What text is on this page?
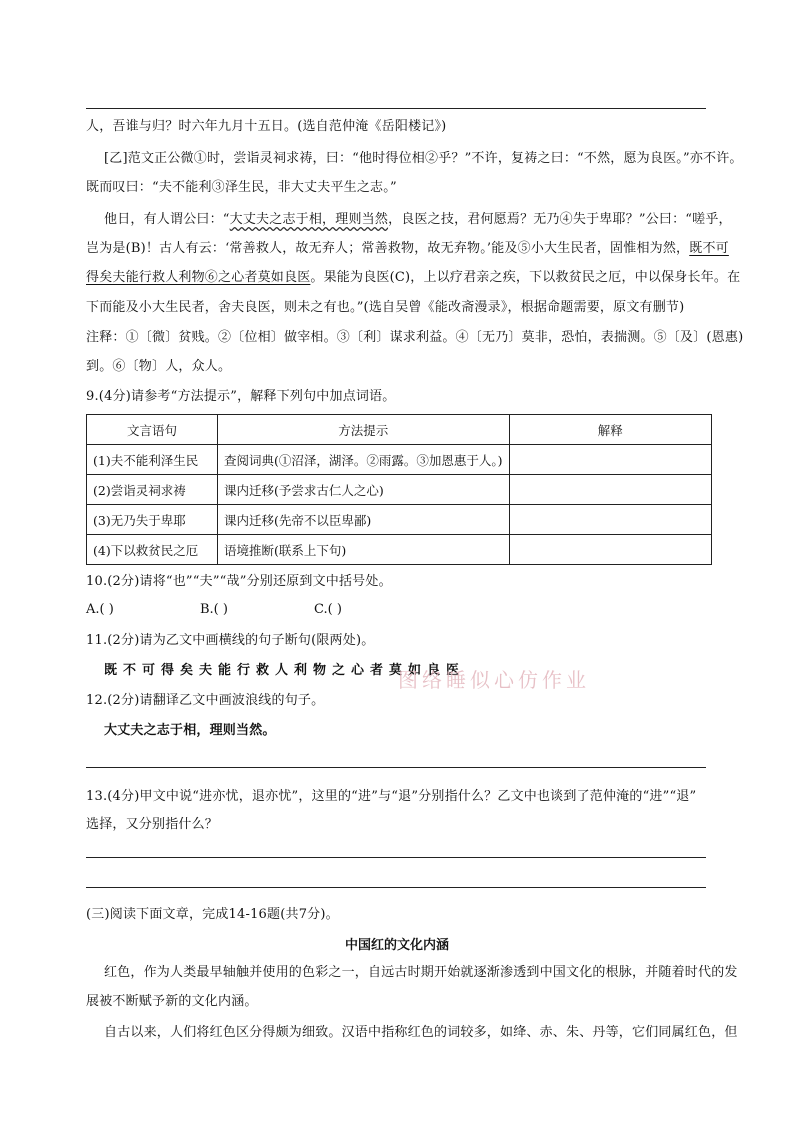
人，吾谁与归？时六年九月十五日。(选自范仲淹《岳阳楼记》)
[乙]范文正公微①时，尝诣灵祠求祷，曰：“他时得位相②乎？”不许，复祷之曰：“不然，愿为良医。”亦不许。
既而叹曰：“夫不能利③泽生民，非大丈夫平生之志。”
他日，有人谓公曰：“大丈夫之志于相，理则当然，良医之技，君何愿焉？无乃④失于卑耶？”公曰：“嗟乎，
岂为是(B)！古人有云：‘常善救人，故无弃人；常善救物，故无弃物。’能及⑤小大生民者，固惟相为然，既不可
得矣夫能行救人利物⑥之心者莫如良医。果能为良医(C)，上以疗君亲之疾，下以救贫民之厄，中以保身长年。在
下而能及小大生民者，舍夫良医，则未之有也。”(选自吴曾《能改斋漫录》，根据命题需要，原文有删节)
注释：①〔微〕贫贱。②〔位相〕做宰相。③〔利〕谋求利益。④〔无乃〕莫非，恐怕，表揣测。⑤〔及〕(恩惠)
到。⑥〔物〕人，众人。
9.(4分)请参考“方法提示”，解释下列句中加点词语。
文言语句	方法提示	解释
(1)夫不能利泽生民	查阅词典(①沼泽，湖泽。②雨露。③加恩惠于人。)	
(2)尝诣灵祠求祷	课内迁移(予尝求古仁人之心)	
(3)无乃失于卑耶	课内迁移(先帝不以臣卑鄙)	
(4)下以救贫民之厄	语境推断(联系上下句)	
10.(2分)请将“也”“夫”“哉”分别还原到文中括号处。
A.( )	B.( )	C.( )
11.(2分)请为乙文中画横线的句子断句(限两处)。
既不可得矣夫能行救人利物之心者莫如良医
图络睡似心仿作业
12.(2分)请翻译乙文中画波浪线的句子。
大丈夫之志于相，理则当然。
13.(4分)甲文中说“进亦忧，退亦忧”，这里的“进”与“退”分别指什么？乙文中也谈到了范仲淹的“进”“退”
选择，又分别指什么？
(三)阅读下面文章，完成14-16题(共7分)。
中国红的文化内涵
红色，作为人类最早轴触并使用的色彩之一，自远古时期开始就逐渐渗透到中国文化的根脉，并随着时代的发
展被不断赋予新的文化内涵。
自古以来，人们将红色区分得颇为细致。汉语中指称红色的词较多，如绛、赤、朱、丹等，它们同属红色，但
